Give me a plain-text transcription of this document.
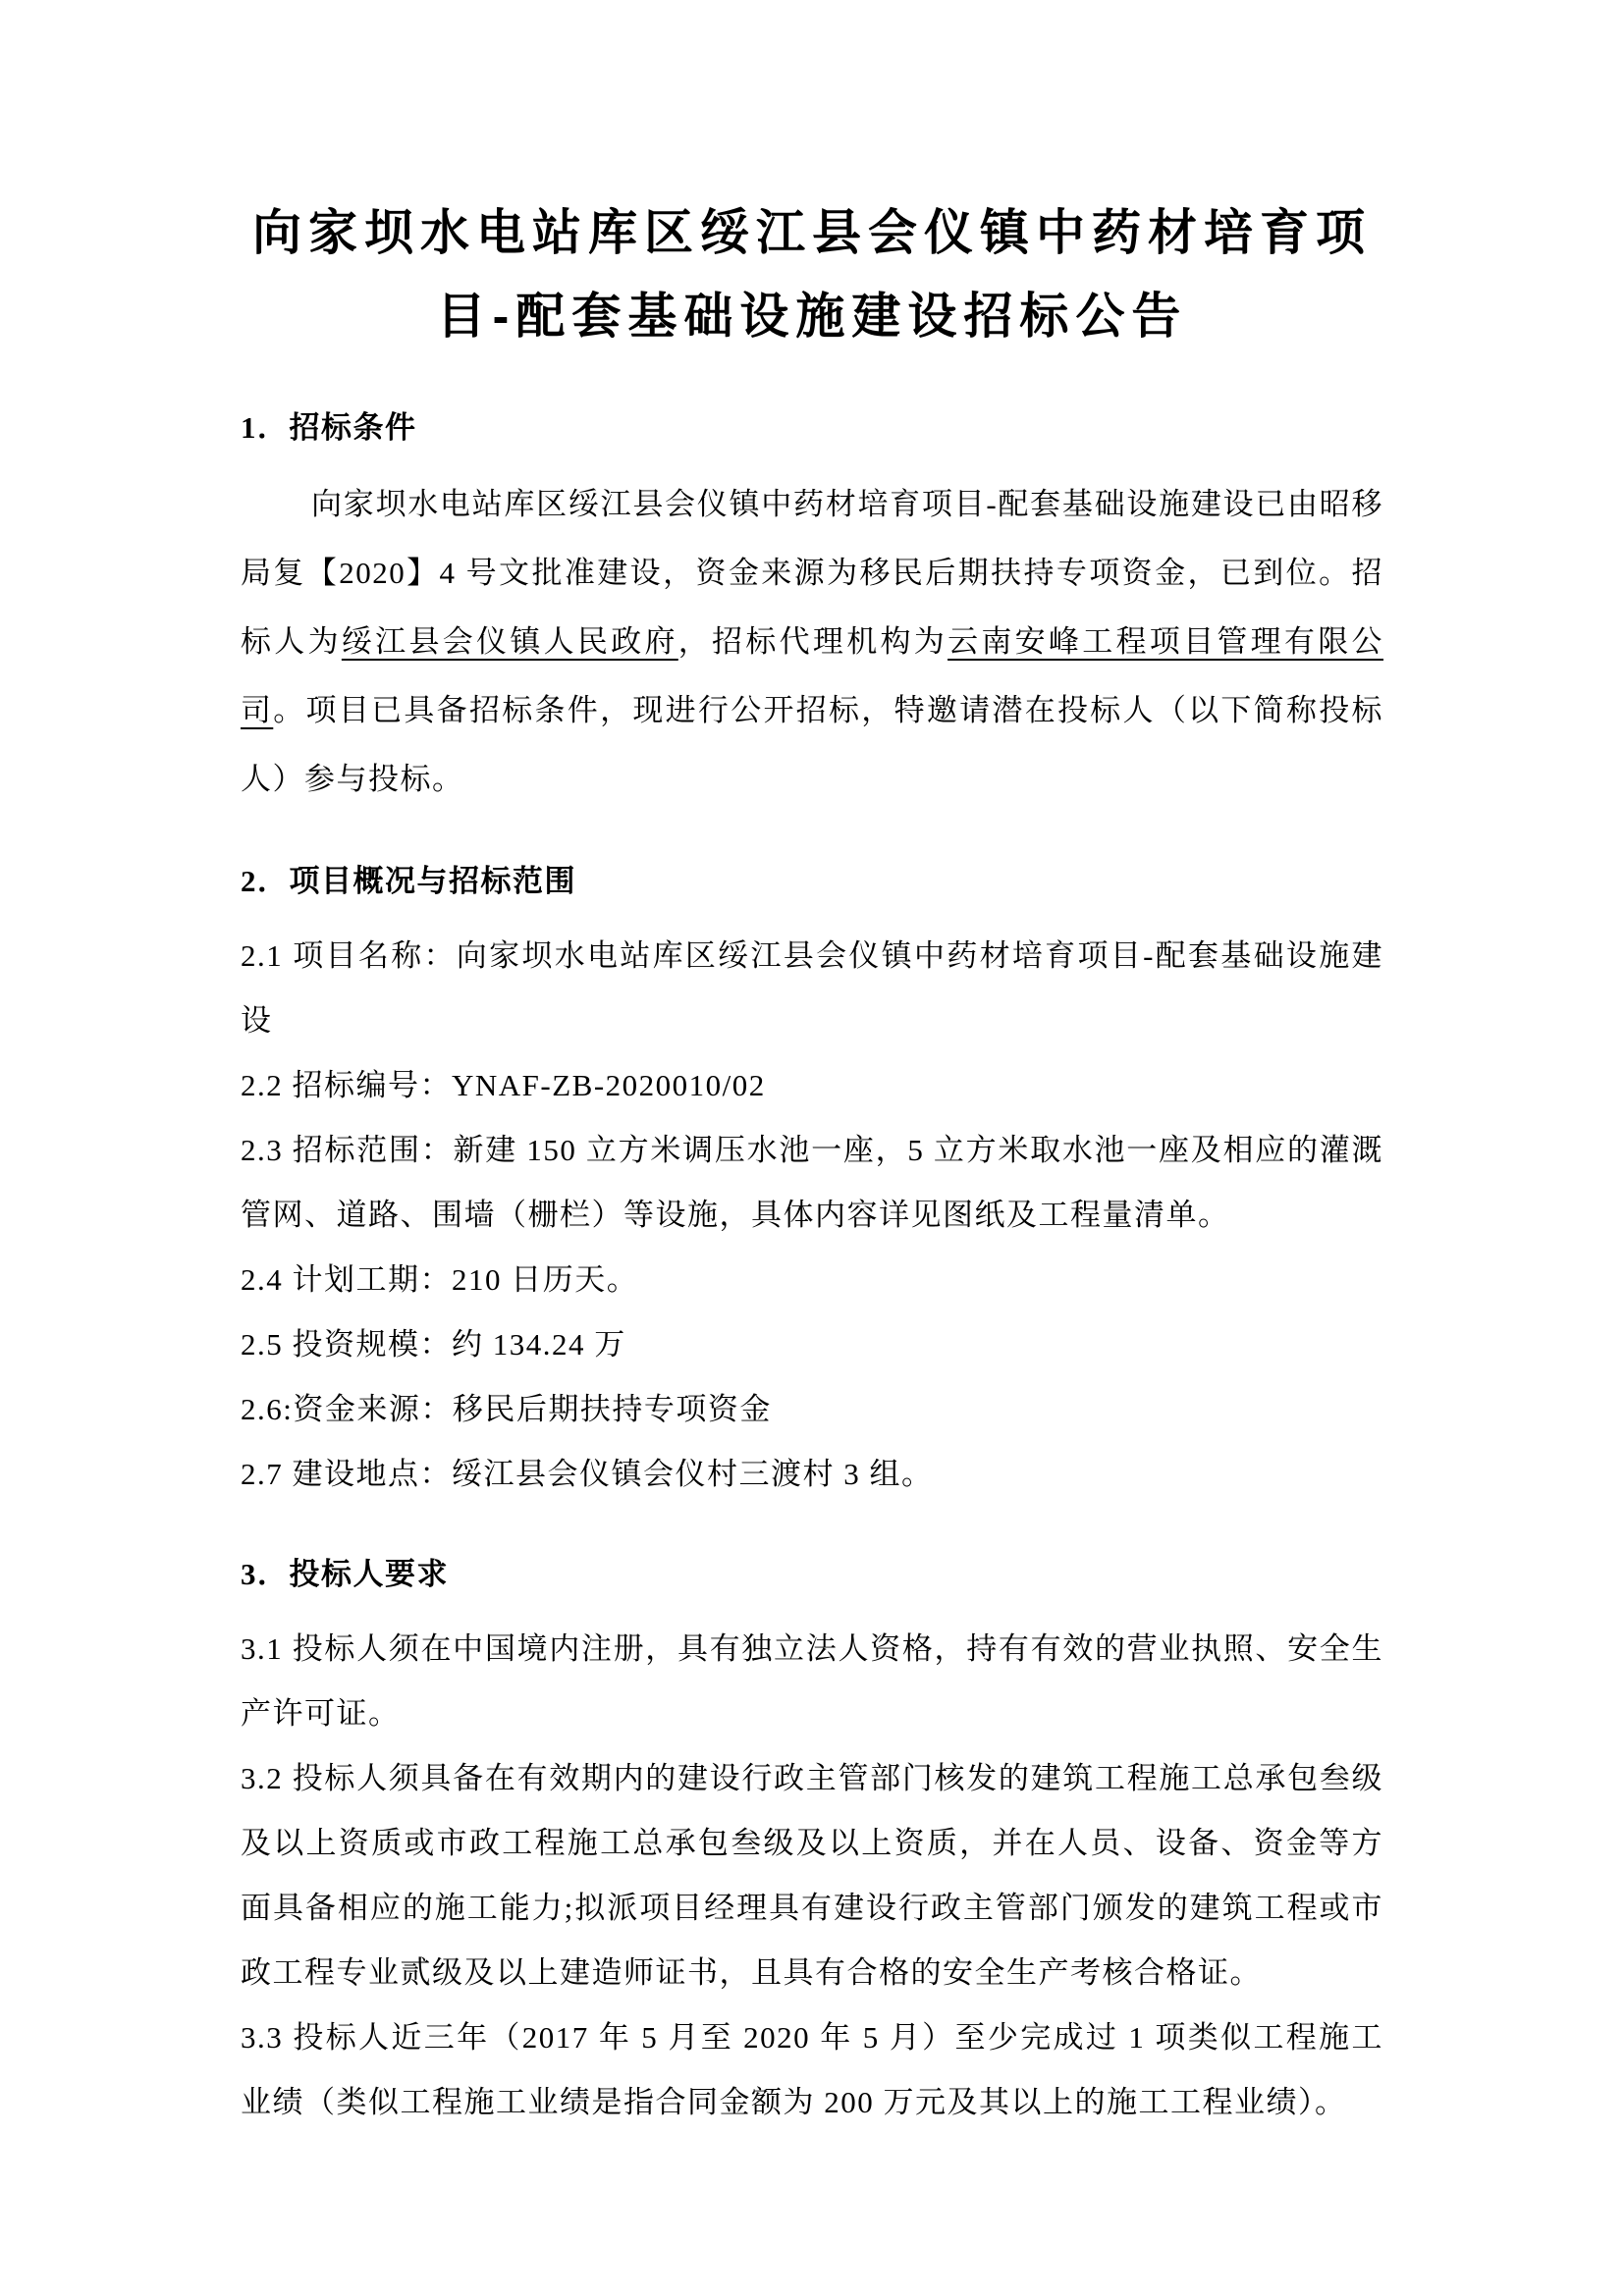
向家坝水电站库区绥江县会仪镇中药材培育项目-配套基础设施建设招标公告
1．招标条件

向家坝水电站库区绥江县会仪镇中药材培育项目-配套基础设施建设已由昭移局复【2020】4 号文批准建设，资金来源为移民后期扶持专项资金，已到位。招标人为绥江县会仪镇人民政府，招标代理机构为云南安峰工程项目管理有限公司。项目已具备招标条件，现进行公开招标，特邀请潜在投标人（以下简称投标人）参与投标。

2．项目概况与招标范围

2.1 项目名称：向家坝水电站库区绥江县会仪镇中药材培育项目-配套基础设施建设

2.2 招标编号：YNAF-ZB-2020010/02

2.3 招标范围：新建 150 立方米调压水池一座，5 立方米取水池一座及相应的灌溉管网、道路、围墙（栅栏）等设施，具体内容详见图纸及工程量清单。

2.4 计划工期：210 日历天。

2.5 投资规模：约 134.24 万

2.6:资金来源：移民后期扶持专项资金

2.7 建设地点：绥江县会仪镇会仪村三渡村 3 组。

3．投标人要求

3.1 投标人须在中国境内注册，具有独立法人资格，持有有效的营业执照、安全生产许可证。

3.2 投标人须具备在有效期内的建设行政主管部门核发的建筑工程施工总承包叁级及以上资质或市政工程施工总承包叁级及以上资质，并在人员、设备、资金等方面具备相应的施工能力;拟派项目经理具有建设行政主管部门颁发的建筑工程或市政工程专业贰级及以上建造师证书，且具有合格的安全生产考核合格证。

3.3 投标人近三年（2017 年 5 月至 2020 年 5 月）至少完成过 1 项类似工程施工业绩（类似工程施工业绩是指合同金额为 200 万元及其以上的施工工程业绩）。
